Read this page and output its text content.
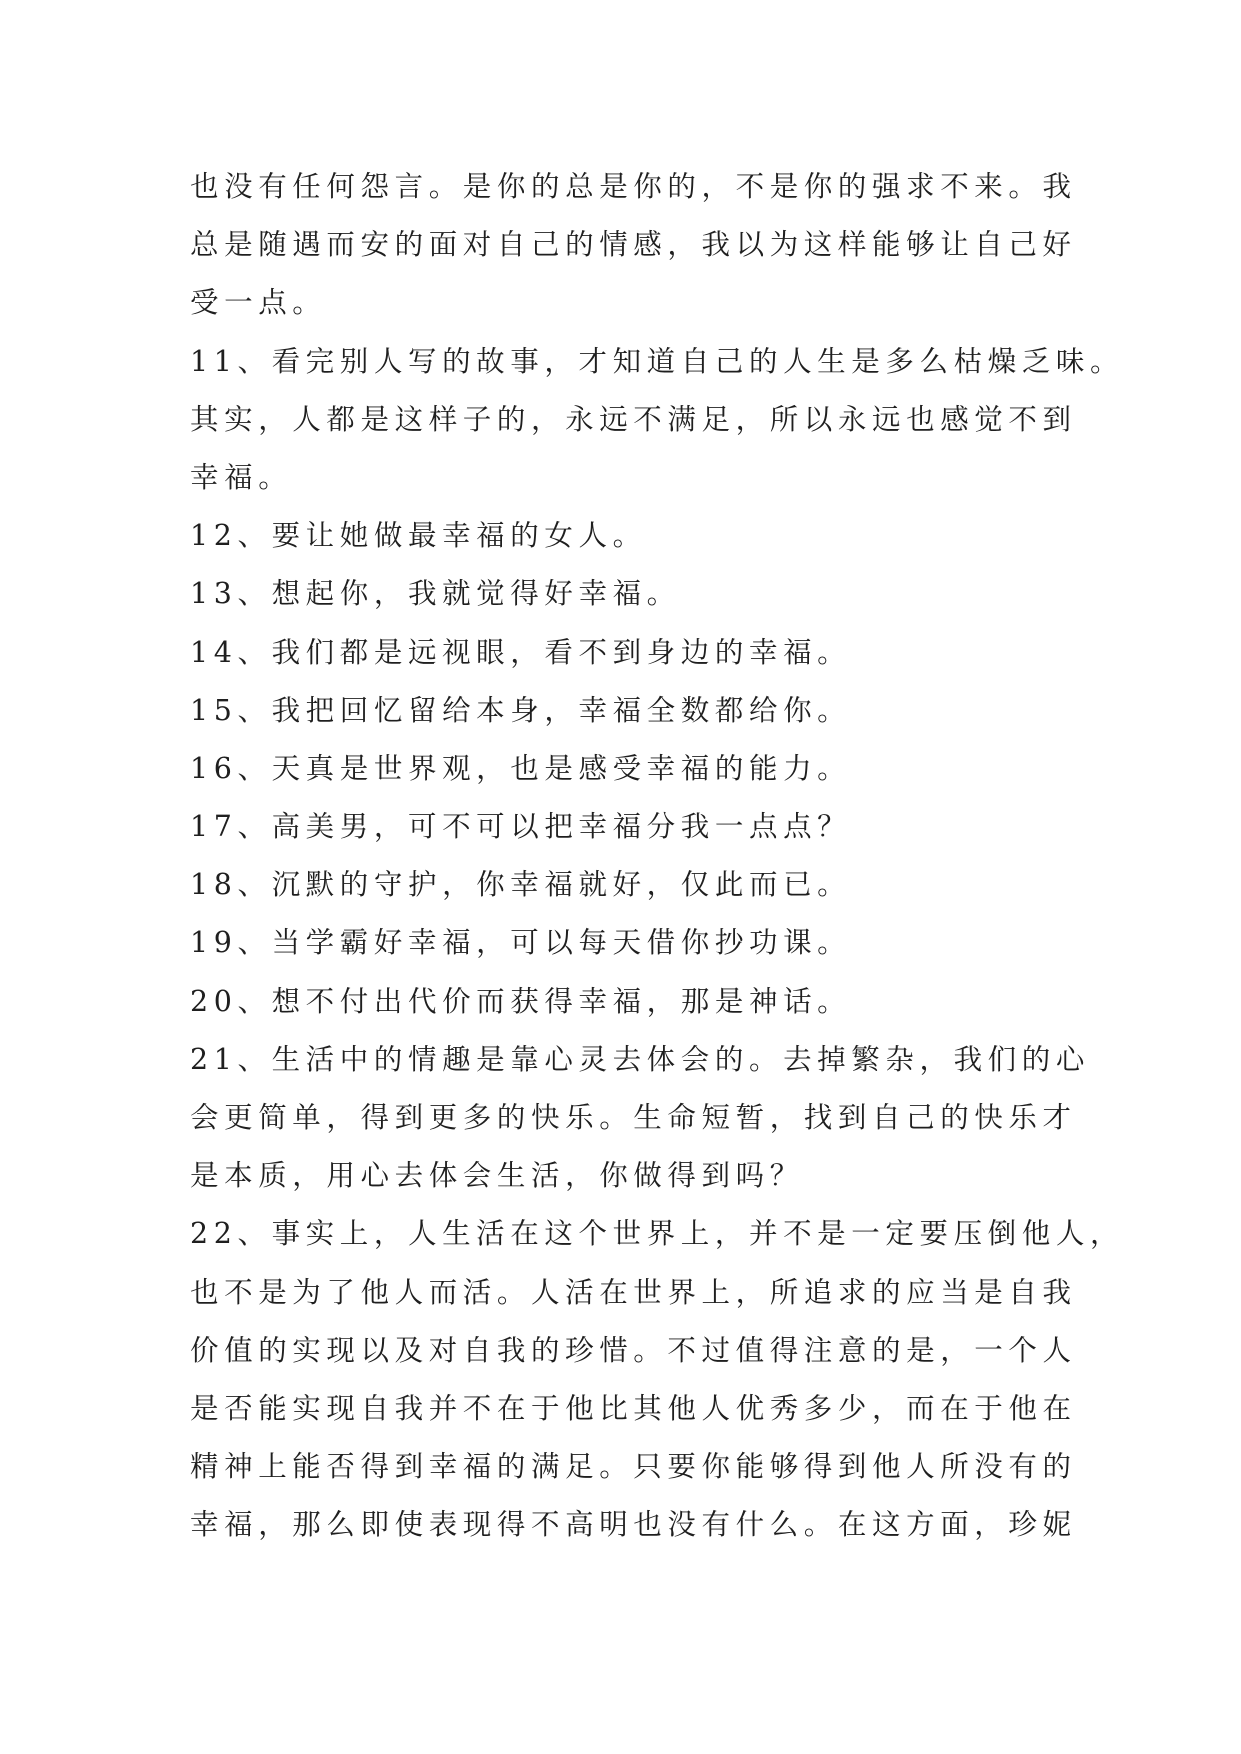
也没有任何怨言。是你的总是你的，不是你的强求不来。我
总是随遇而安的面对自己的情感，我以为这样能够让自己好
受一点。
11、看完别人写的故事，才知道自己的人生是多么枯燥乏味。
其实，人都是这样子的，永远不满足，所以永远也感觉不到
幸福。
12、要让她做最幸福的女人。
13、想起你，我就觉得好幸福。
14、我们都是远视眼，看不到身边的幸福。
15、我把回忆留给本身，幸福全数都给你。
16、天真是世界观，也是感受幸福的能力。
17、高美男，可不可以把幸福分我一点点？
18、沉默的守护，你幸福就好，仅此而已。
19、当学霸好幸福，可以每天借你抄功课。
20、想不付出代价而获得幸福，那是神话。
21、生活中的情趣是靠心灵去体会的。去掉繁杂，我们的心
会更简单，得到更多的快乐。生命短暂，找到自己的快乐才
是本质，用心去体会生活，你做得到吗？
22、事实上，人生活在这个世界上，并不是一定要压倒他人，
也不是为了他人而活。人活在世界上，所追求的应当是自我
价值的实现以及对自我的珍惜。不过值得注意的是，一个人
是否能实现自我并不在于他比其他人优秀多少，而在于他在
精神上能否得到幸福的满足。只要你能够得到他人所没有的
幸福，那么即使表现得不高明也没有什么。在这方面，珍妮
